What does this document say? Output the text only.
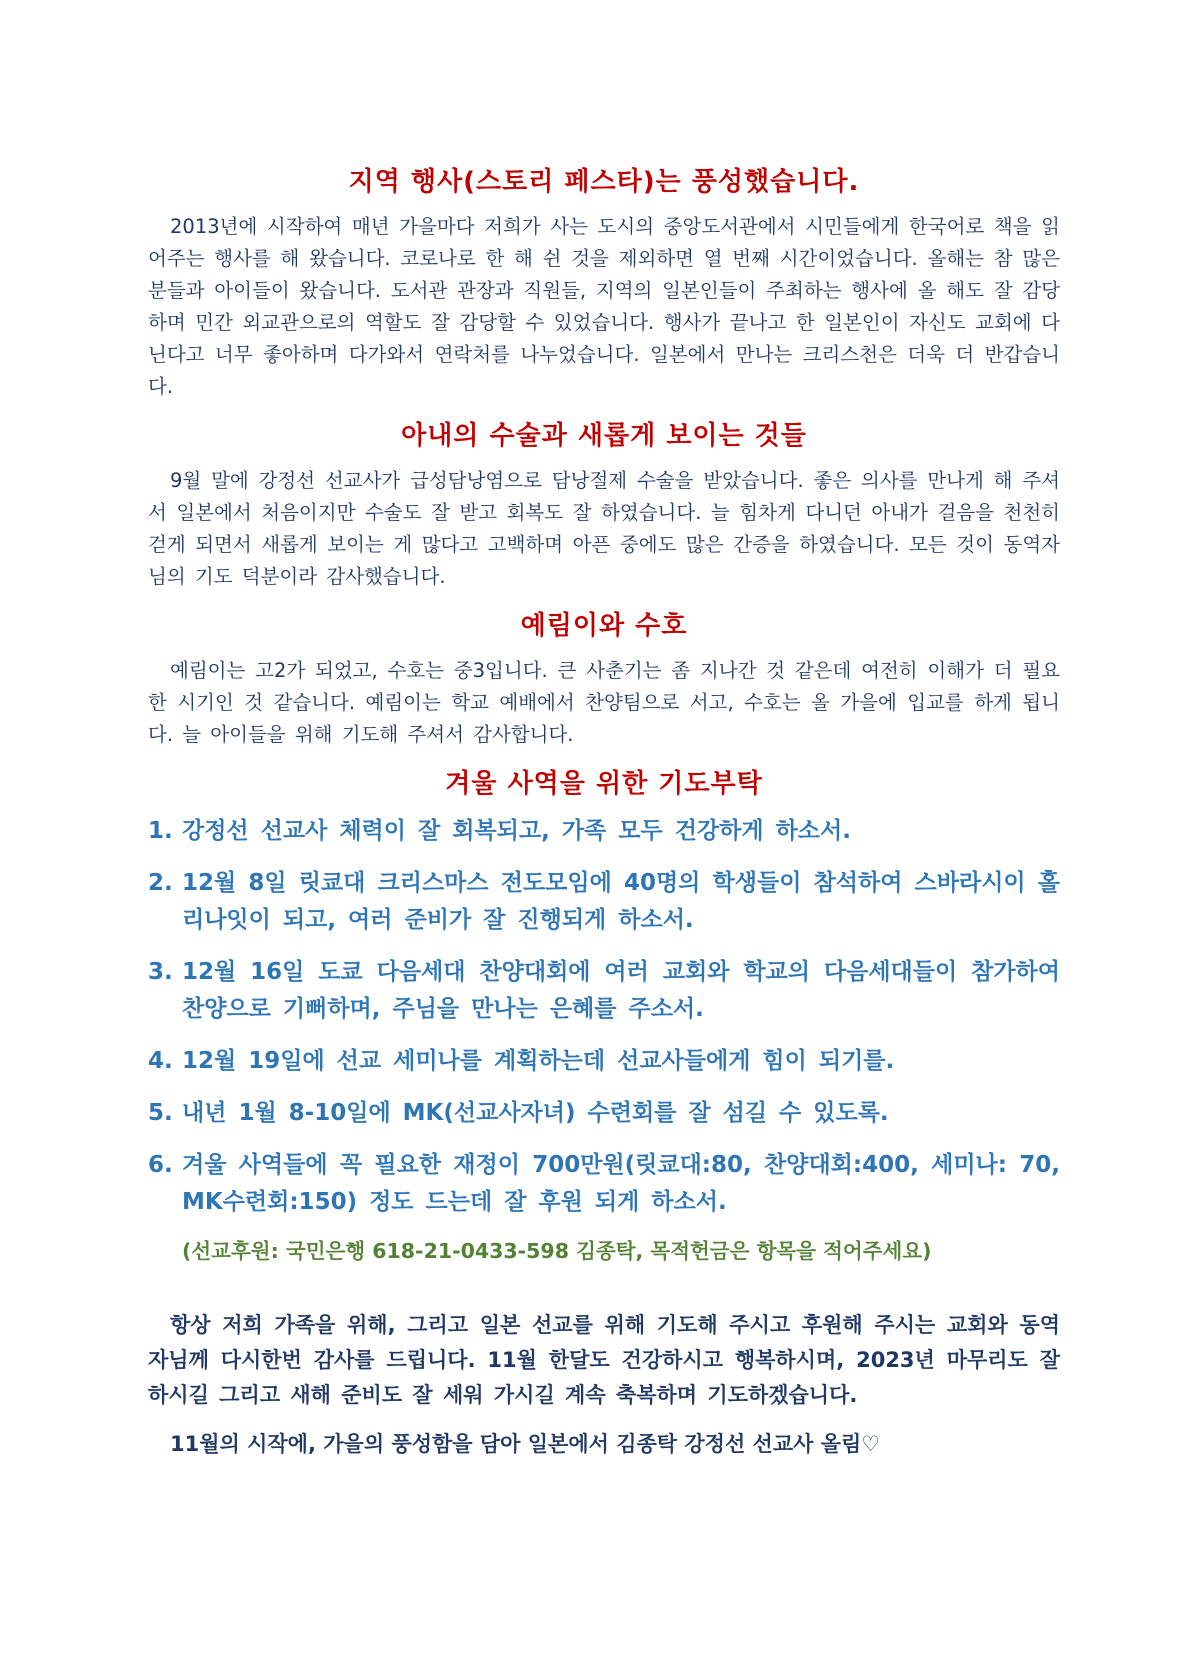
지역 행사(스토리 페스타)는 풍성했습니다.

2013년에 시작하여 매년 가을마다 저희가 사는 도시의 중앙도서관에서 시민들에게 한국어로 책을 읽어주는 행사를 해 왔습니다. 코로나로 한 해 쉰 것을 제외하면 열 번째 시간이었습니다. 올해는 참 많은 분들과 아이들이 왔습니다. 도서관 관장과 직원들, 지역의 일본인들이 주최하는 행사에 올 해도 잘 감당하며 민간 외교관으로의 역할도 잘 감당할 수 있었습니다. 행사가 끝나고 한 일본인이 자신도 교회에 다닌다고 너무 좋아하며 다가와서 연락처를 나누었습니다. 일본에서 만나는 크리스천은 더욱 더 반갑습니다.

아내의 수술과 새롭게 보이는 것들

9월 말에 강정선 선교사가 급성담낭염으로 담낭절제 수술을 받았습니다. 좋은 의사를 만나게 해 주셔서 일본에서 처음이지만 수술도 잘 받고 회복도 잘 하였습니다. 늘 힘차게 다니던 아내가 걸음을 천천히 걷게 되면서 새롭게 보이는 게 많다고 고백하며 아픈 중에도 많은 간증을 하였습니다. 모든 것이 동역자님의 기도 덕분이라 감사했습니다.

예림이와 수호

예림이는 고2가 되었고, 수호는 중3입니다. 큰 사춘기는 좀 지나간 것 같은데 여전히 이해가 더 필요한 시기인 것 같습니다. 예림이는 학교 예배에서 찬양팀으로 서고, 수호는 올 가을에 입교를 하게 됩니다. 늘 아이들을 위해 기도해 주셔서 감사합니다.

겨울 사역을 위한 기도부탁
1. 강정선 선교사 체력이 잘 회복되고, 가족 모두 건강하게 하소서.
2. 12월 8일 릿쿄대 크리스마스 전도모임에 40명의 학생들이 참석하여 스바라시이 홀리나잇이 되고, 여러 준비가 잘 진행되게 하소서.
3. 12월 16일 도쿄 다음세대 찬양대회에 여러 교회와 학교의 다음세대들이 참가하여 찬양으로 기뻐하며, 주님을 만나는 은혜를 주소서.
4. 12월 19일에 선교 세미나를 계획하는데 선교사들에게 힘이 되기를.
5. 내년 1월 8-10일에 MK(선교사자녀) 수련회를 잘 섬길 수 있도록.
6. 겨울 사역들에 꼭 필요한 재정이 700만원(릿쿄대:80, 찬양대회:400, 세미나: 70, MK수련회:150) 정도 드는데 잘 후원 되게 하소서.

(선교후원: 국민은행 618-21-0433-598 김종탁, 목적헌금은 항목을 적어주세요)

항상 저희 가족을 위해, 그리고 일본 선교를 위해 기도해 주시고 후원해 주시는 교회와 동역자님께 다시한번 감사를 드립니다. 11월 한달도 건강하시고 행복하시며, 2023년 마무리도 잘 하시길 그리고 새해 준비도 잘 세워 가시길 계속 축복하며 기도하겠습니다.

11월의 시작에, 가을의 풍성함을 담아 일본에서 김종탁 강정선 선교사 올림♡
